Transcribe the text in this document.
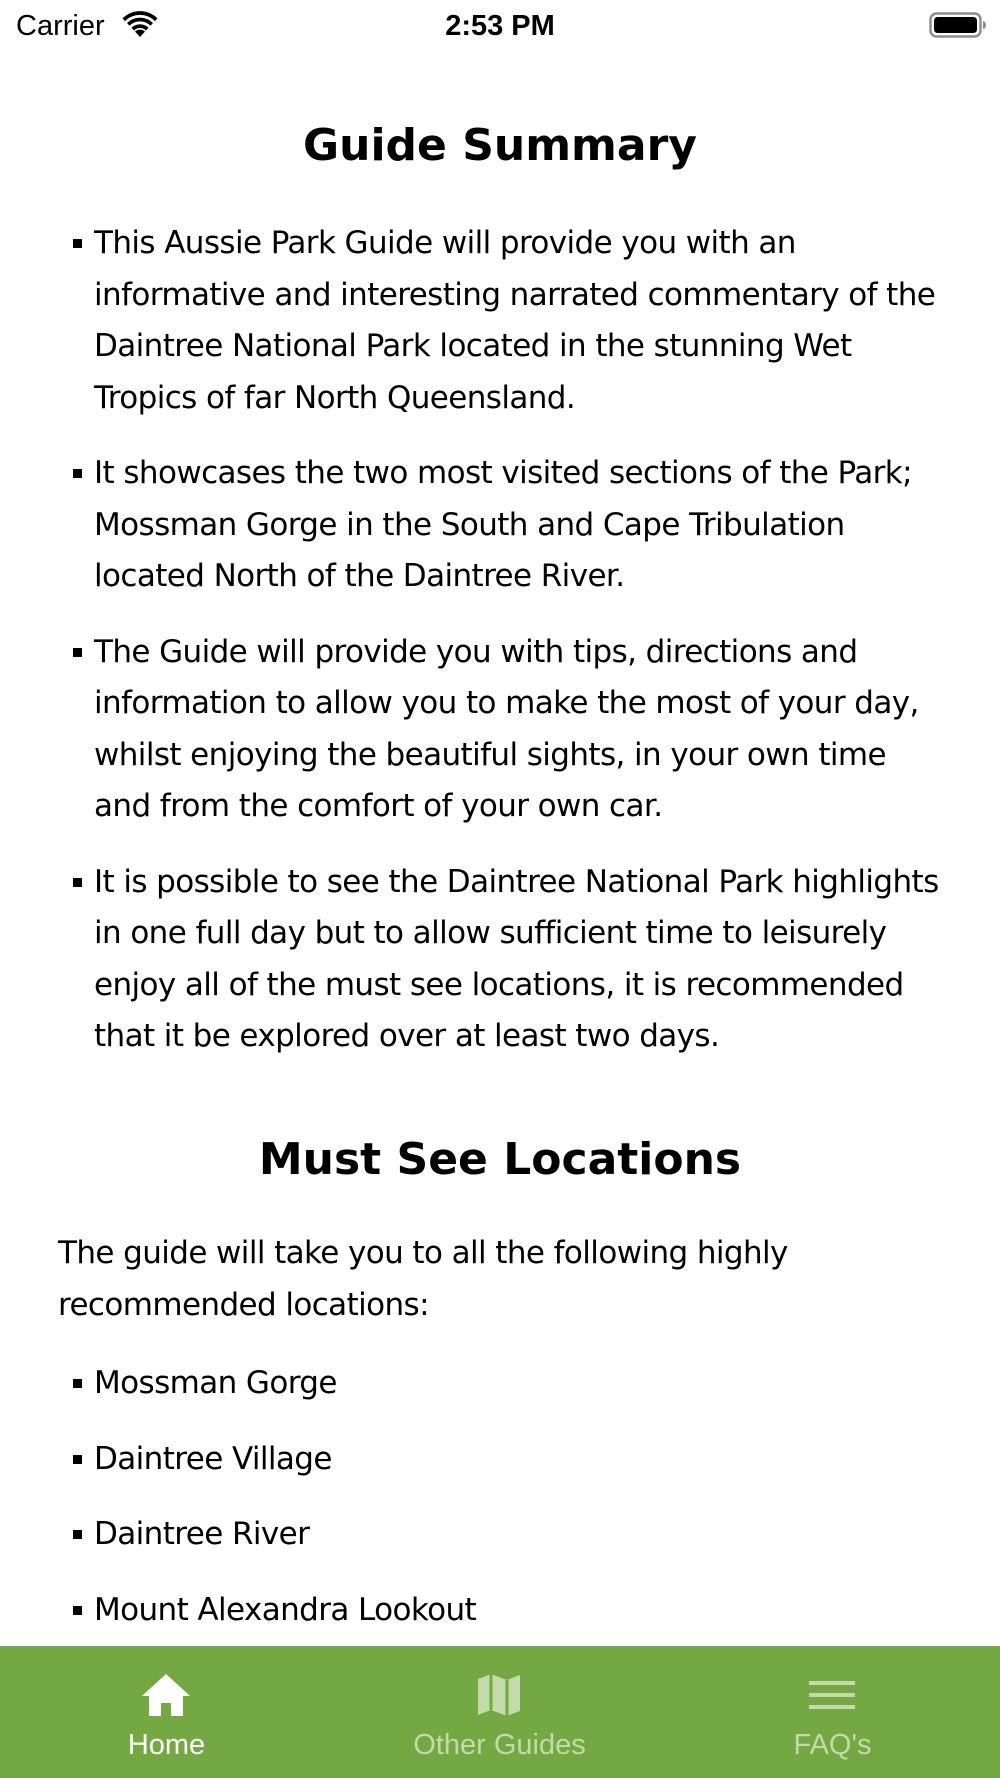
Carrier	2:53 PM
Guide Summary
This Aussie Park Guide will provide you with an informative and interesting narrated commentary of the Daintree National Park located in the stunning Wet Tropics of far North Queensland.
It showcases the two most visited sections of the Park; Mossman Gorge in the South and Cape Tribulation located North of the Daintree River.
The Guide will provide you with tips, directions and information to allow you to make the most of your day, whilst enjoying the beautiful sights, in your own time and from the comfort of your own car.
It is possible to see the Daintree National Park highlights in one full day but to allow sufficient time to leisurely enjoy all of the must see locations, it is recommended that it be explored over at least two days.
Must See Locations

The guide will take you to all the following highly recommended locations:

Mossman Gorge
Daintree Village
Daintree River
Mount Alexandra Lookout
Home	Other Guides	FAQ's
